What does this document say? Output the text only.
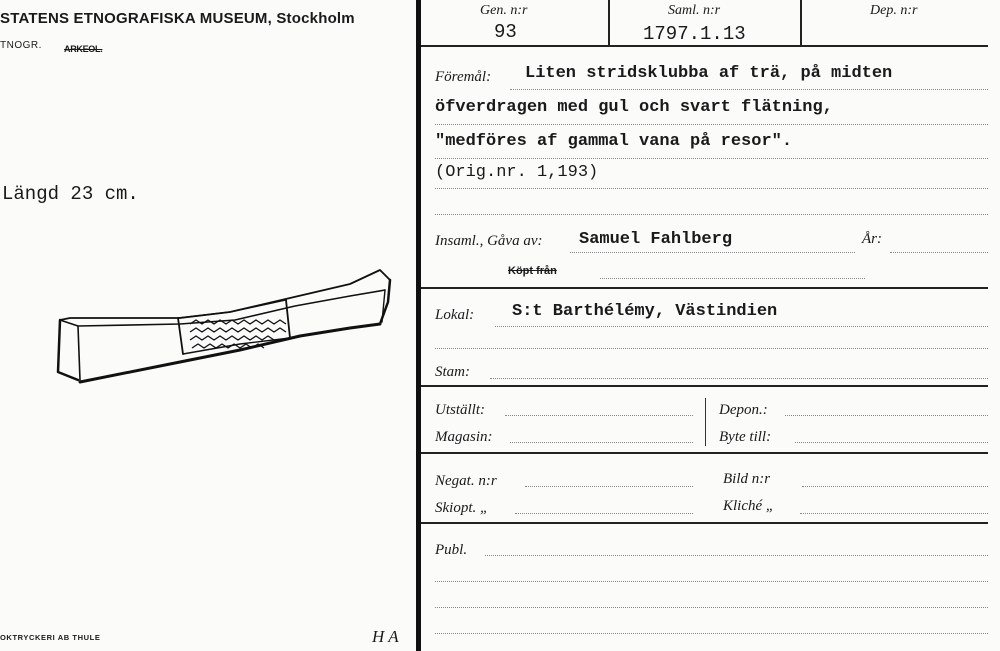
STATENS ETNOGRAFISKA MUSEUM, Stockholm
TNOGR. ARKEOL.
Längd 23 cm.
OKTRYCKERI AB THULE	H A
Gen. n:r
93
Saml. n:r
1797.1.13
Dep. n:r
Föremål: Liten stridsklubba af trä, på midten
öfverdragen med gul och svart flätning,
"medföres af gammal vana på resor".
(Orig.nr. 1,193)
Insaml., Gåva av: Samuel Fahlberg	År:
Köpt från
Lokal: S:t Barthélémy, Västindien
Stam:
Utställt:
Magasin:
Depon.:
Byte till:
Negat. n:r
Skiopt. „
Bild n:r
Kliché „
Publ.
